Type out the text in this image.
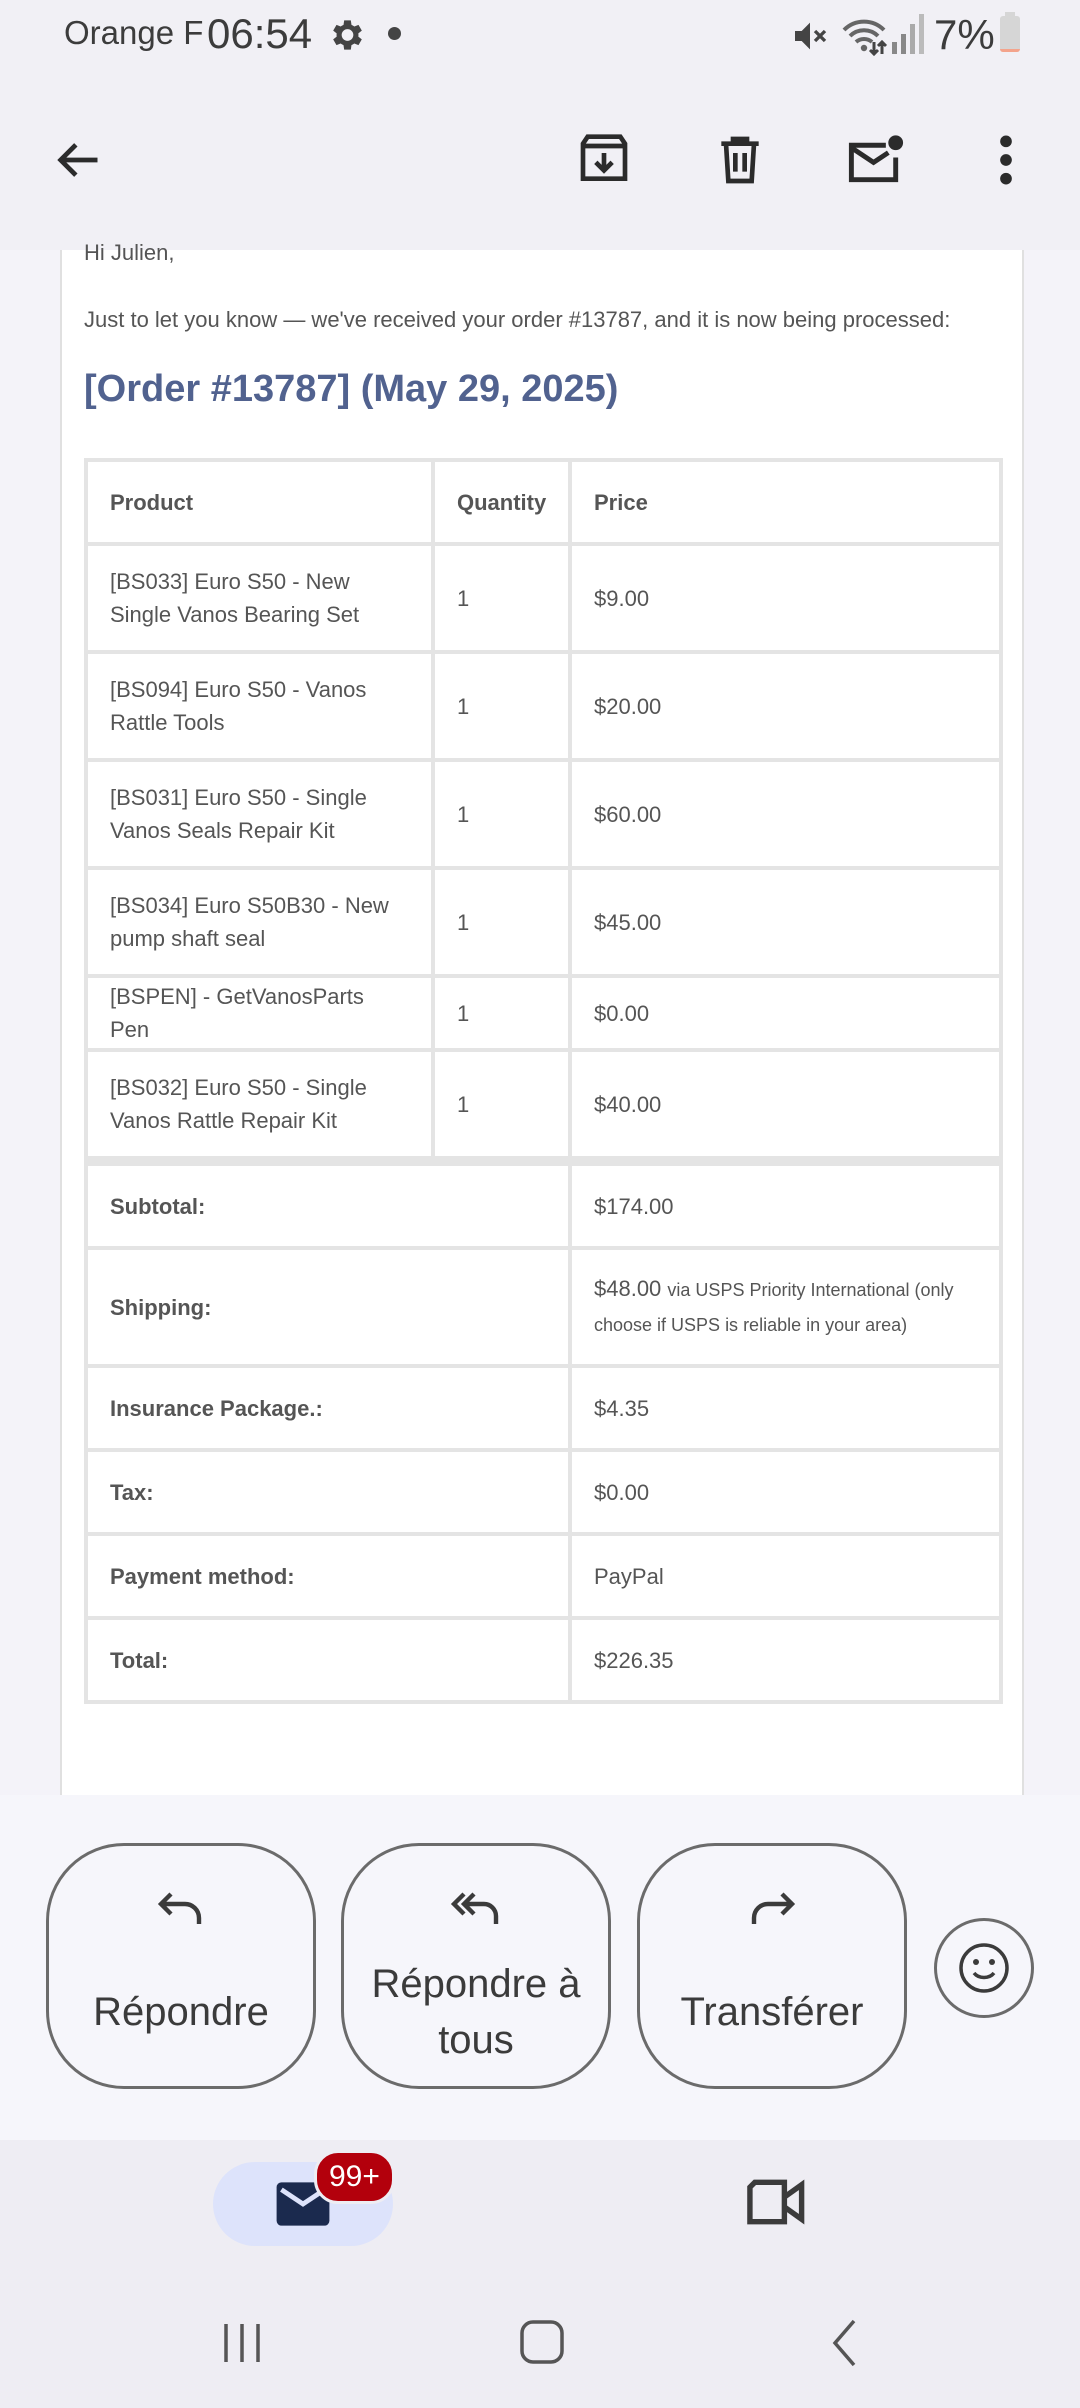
Orange F 06:54	7%
Hi Julien,
Just to let you know — we've received your order #13787, and it is now being processed:
[Order #13787] (May 29, 2025)
Product	Quantity	Price
[BS033] Euro S50 - New Single Vanos Bearing Set	1	$9.00
[BS094] Euro S50 - Vanos Rattle Tools	1	$20.00
[BS031] Euro S50 - Single Vanos Seals Repair Kit	1	$60.00
[BS034] Euro S50B30 - New pump shaft seal	1	$45.00
[BSPEN] - GetVanosParts Pen	1	$0.00
[BS032] Euro S50 - Single Vanos Rattle Repair Kit	1	$40.00
Subtotal:		$174.00
Shipping:		$48.00 via USPS Priority International (only choose if USPS is reliable in your area)
Insurance Package.:		$4.35
Tax:		$0.00
Payment method:		PayPal
Total:		$226.35
Répondre
Répondre à
tous
Transférer
99+
